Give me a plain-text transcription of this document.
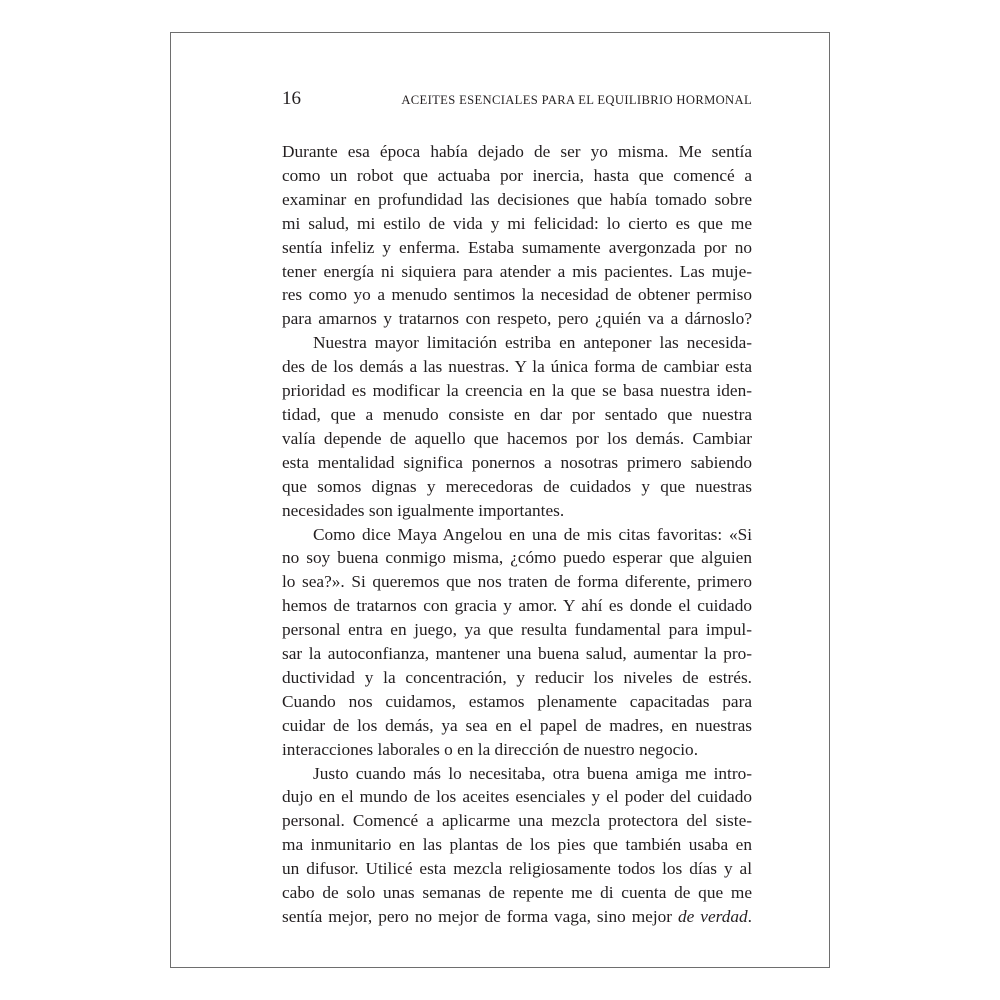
16	ACEITES ESENCIALES PARA EL EQUILIBRIO HORMONAL
Durante esa época había dejado de ser yo misma. Me sentía
como un robot que actuaba por inercia, hasta que comencé a
examinar en profundidad las decisiones que había tomado sobre
mi salud, mi estilo de vida y mi felicidad: lo cierto es que me
sentía infeliz y enferma. Estaba sumamente avergonzada por no
tener energía ni siquiera para atender a mis pacientes. Las muje-
res como yo a menudo sentimos la necesidad de obtener permiso
para amarnos y tratarnos con respeto, pero ¿quién va a dárnoslo?
Nuestra mayor limitación estriba en anteponer las necesida-
des de los demás a las nuestras. Y la única forma de cambiar esta
prioridad es modificar la creencia en la que se basa nuestra iden-
tidad, que a menudo consiste en dar por sentado que nuestra
valía depende de aquello que hacemos por los demás. Cambiar
esta mentalidad significa ponernos a nosotras primero sabiendo
que somos dignas y merecedoras de cuidados y que nuestras
necesidades son igualmente importantes.
Como dice Maya Angelou en una de mis citas favoritas: «Si
no soy buena conmigo misma, ¿cómo puedo esperar que alguien
lo sea?». Si queremos que nos traten de forma diferente, primero
hemos de tratarnos con gracia y amor. Y ahí es donde el cuidado
personal entra en juego, ya que resulta fundamental para impul-
sar la autoconfianza, mantener una buena salud, aumentar la pro-
ductividad y la concentración, y reducir los niveles de estrés.
Cuando nos cuidamos, estamos plenamente capacitadas para
cuidar de los demás, ya sea en el papel de madres, en nuestras
interacciones laborales o en la dirección de nuestro negocio.
Justo cuando más lo necesitaba, otra buena amiga me intro-
dujo en el mundo de los aceites esenciales y el poder del cuidado
personal. Comencé a aplicarme una mezcla protectora del siste-
ma inmunitario en las plantas de los pies que también usaba en
un difusor. Utilicé esta mezcla religiosamente todos los días y al
cabo de solo unas semanas de repente me di cuenta de que me
sentía mejor, pero no mejor de forma vaga, sino mejor de verdad.
